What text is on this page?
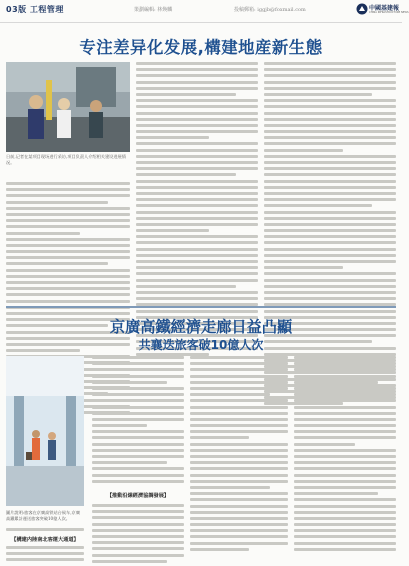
03版 工程管理	策劃編輯: 林焕麟	投稿郵箱: iggjb@foxmail.com	中國基建報
CHINA INFRASTRUCTURE NEWS
专注差异化发展,構建地産新生態
日前,记者在某项目现场进行采访,项目负责人介绍相关建设进展情况。
京廣高鐵經濟走廊日益凸顯
共襄迭旅客破10億人次
圖片說明:旅客在京廣高铁站台候车,京廣高鐵累計運送旅客突破10億人次。
【推動沿線經濟協調發展】
【構建内陸南北客運大通道】
